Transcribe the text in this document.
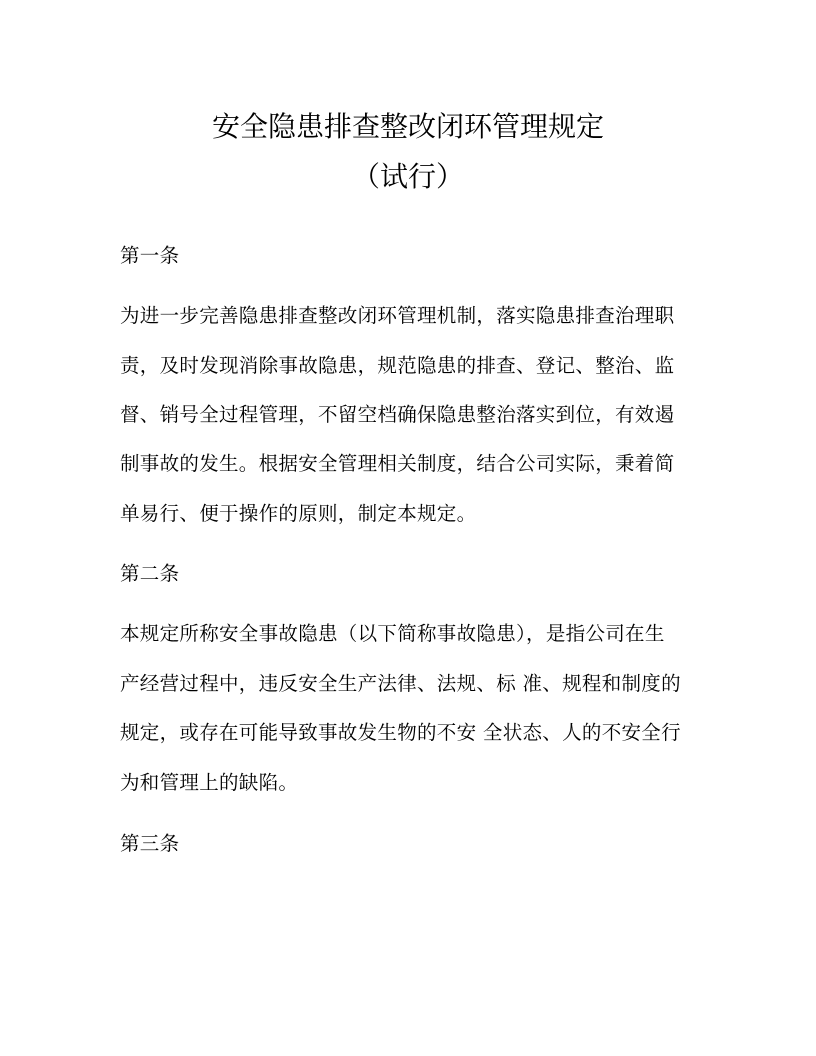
安全隐患排查整改闭环管理规定
（试行）
第一条
为进一步完善隐患排查整改闭环管理机制，落实隐患排查治理职
责，及时发现消除事故隐患，规范隐患的排查、登记、整治、监
督、销号全过程管理，不留空档确保隐患整治落实到位，有效遏
制事故的发生。根据安全管理相关制度，结合公司实际，秉着简
单易行、便于操作的原则，制定本规定。
第二条
本规定所称安全事故隐患（以下简称事故隐患），是指公司在生
产经营过程中，违反安全生产法律、法规、标 准、规程和制度的
规定，或存在可能导致事故发生物的不安 全状态、人的不安全行
为和管理上的缺陷。
第三条
